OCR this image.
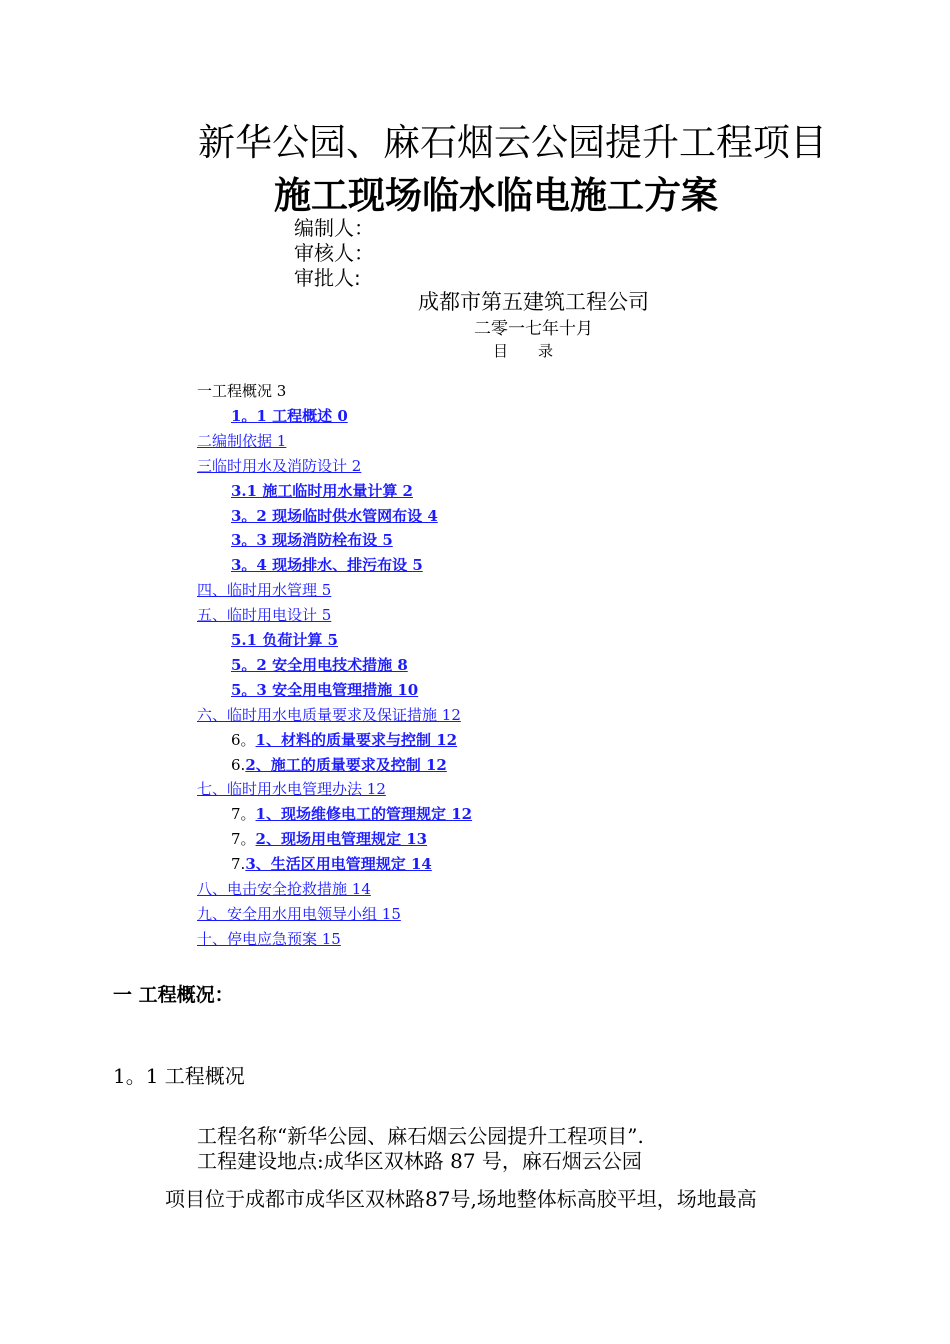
新华公园、麻石烟云公园提升工程项目
施工现场临水临电施工方案
编制人：
审核人：
审批人:
成都市第五建筑工程公司
二零一七年十月
目 录
一工程概况 3
1。1 工程概述 0
二编制依据 1
三临时用水及消防设计 2
3.1 施工临时用水量计算 2
3。2 现场临时供水管网布设 4
3。3 现场消防栓布设 5
3。4 现场排水、排污布设 5
四、临时用水管理 5
五、临时用电设计 5
5.1 负荷计算 5
5。2 安全用电技术措施 8
5。3 安全用电管理措施 10
六、临时用水电质量要求及保证措施 12
6。1、材料的质量要求与控制 12
6.2、施工的质量要求及控制 12
七、临时用水电管理办法 12
7。1、现场维修电工的管理规定 12
7。2、现场用电管理规定 13
7.3、生活区用电管理规定 14
八、电击安全抢救措施 14
九、安全用水用电领导小组 15
十、停电应急预案 15
一 工程概况：
1。1 工程概况
工程名称“新华公园、麻石烟云公园提升工程项目”.
工程建设地点:成华区双林路 87 号，麻石烟云公园
项目位于成都市成华区双林路87号,场地整体标高胶平坦，场地最高
